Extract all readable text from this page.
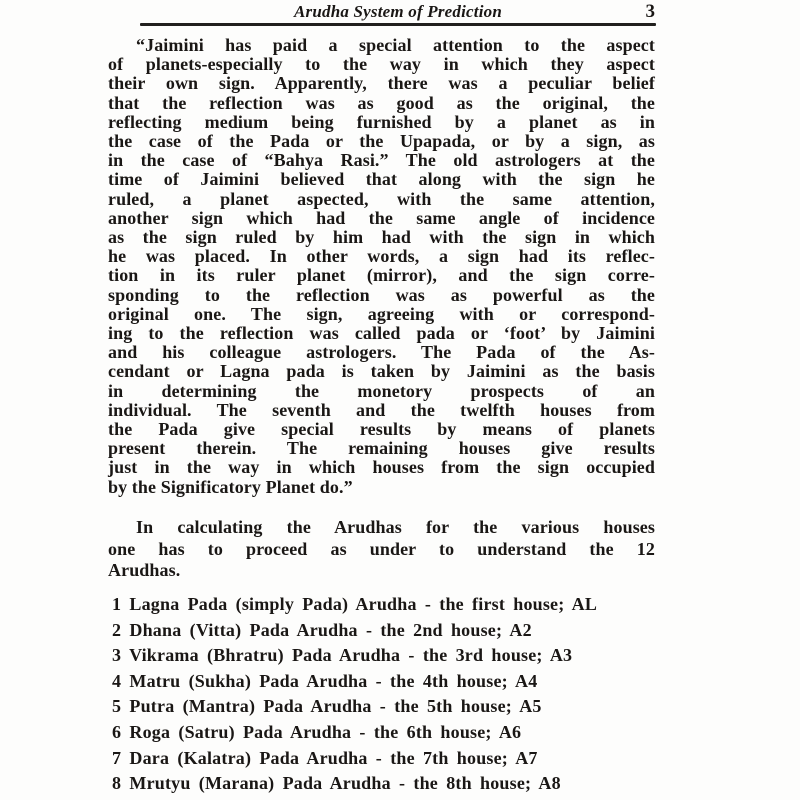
Arudha System of Prediction	3
“Jaimini has paid a special attention to the aspect
of planets-especially to the way in which they aspect
their own sign. Apparently, there was a peculiar belief
that the reflection was as good as the original, the
reflecting medium being furnished by a planet as in
the case of the Pada or the Upapada, or by a sign, as
in the case of “Bahya Rasi.” The old astrologers at the
time of Jaimini believed that along with the sign he
ruled, a planet aspected, with the same attention,
another sign which had the same angle of incidence
as the sign ruled by him had with the sign in which
he was placed. In other words, a sign had its reflec-
tion in its ruler planet (mirror), and the sign corre-
sponding to the reflection was as powerful as the
original one. The sign, agreeing with or correspond-
ing to the reflection was called pada or ‘foot’ by Jaimini
and his colleague astrologers. The Pada of the As-
cendant or Lagna pada is taken by Jaimini as the basis
in determining the monetory prospects of an
individual. The seventh and the twelfth houses from
the Pada give special results by means of planets
present therein. The remaining houses give results
just in the way in which houses from the sign occupied
by the Significatory Planet do.”
In calculating the Arudhas for the various houses
one has to proceed as under to understand the 12
Arudhas.
1 Lagna Pada (simply Pada) Arudha - the first house; AL
2 Dhana (Vitta) Pada Arudha - the 2nd house; A2
3 Vikrama (Bhratru) Pada Arudha - the 3rd house; A3
4 Matru (Sukha) Pada Arudha - the 4th house; A4
5 Putra (Mantra) Pada Arudha - the 5th house; A5
6 Roga (Satru) Pada Arudha - the 6th house; A6
7 Dara (Kalatra) Pada Arudha - the 7th house; A7
8 Mrutyu (Marana) Pada Arudha - the 8th house; A8
